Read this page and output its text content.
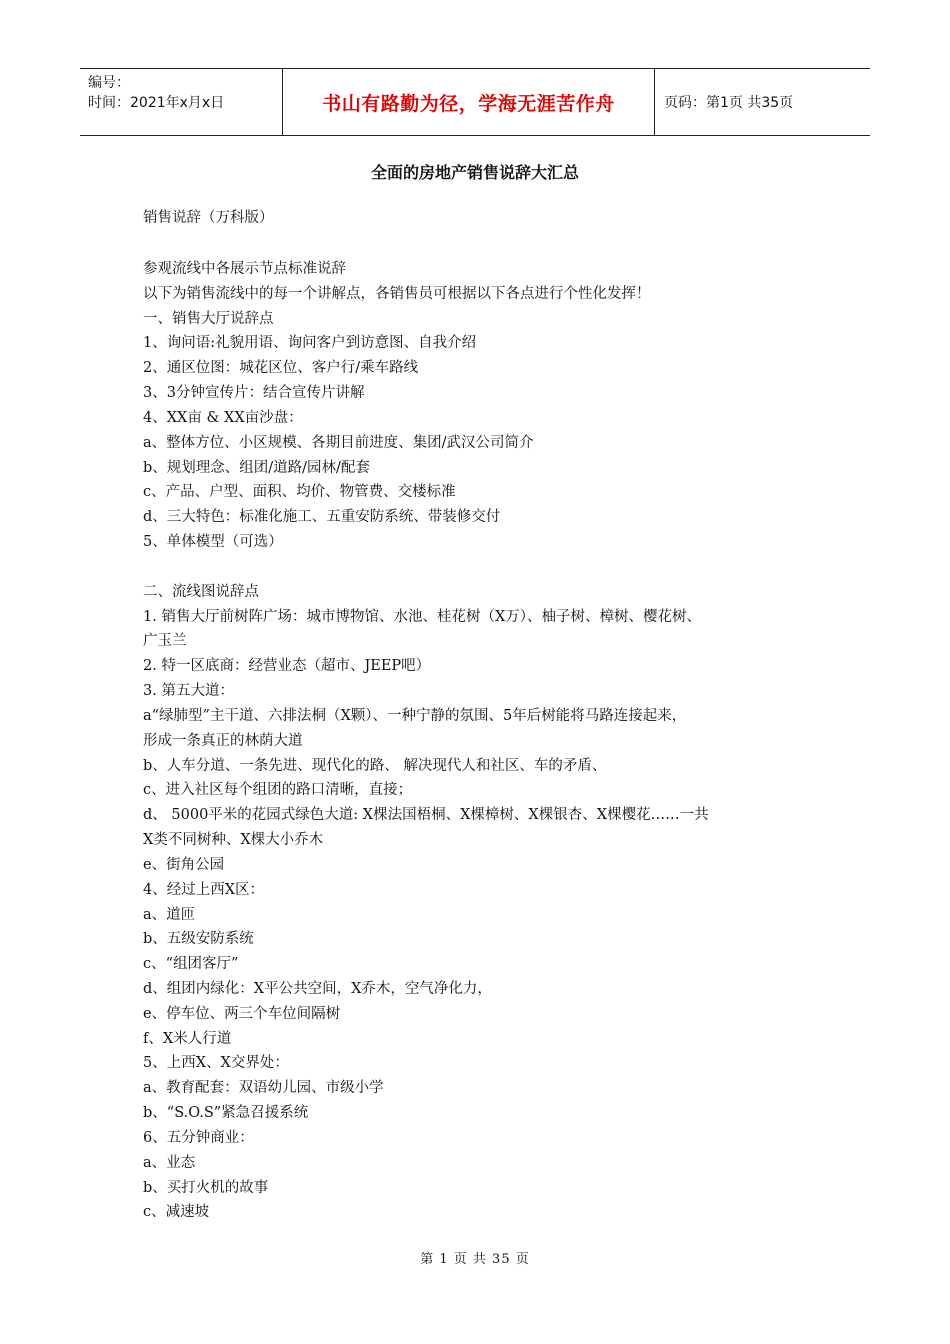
编号：
时间：2021年x月x日	书山有路勤为径，学海无涯苦作舟	页码：第1页 共35页
全面的房地产销售说辞大汇总
销售说辞（万科版）
参观流线中各展示节点标准说辞
以下为销售流线中的每一个讲解点，各销售员可根据以下各点进行个性化发挥！
一、销售大厅说辞点
1、询问语:礼貌用语、询问客户到访意图、自我介绍
2、通区位图：城花区位、客户行/乘车路线
3、3分钟宣传片：结合宣传片讲解
4、XX亩 & XX亩沙盘：
a、整体方位、小区规模、各期目前进度、集团/武汉公司简介
b、规划理念、组团/道路/园林/配套
c、产品、户型、面积、均价、物管费、交楼标准
d、三大特色：标准化施工、五重安防系统、带装修交付
5、单体模型（可选）
二、流线图说辞点
1. 销售大厅前树阵广场：城市博物馆、水池、桂花树（X万）、柚子树、樟树、樱花树、
广玉兰
2. 特一区底商：经营业态（超市、JEEP吧）
3. 第五大道：
a“绿肺型”主干道、六排法桐（X颗）、一种宁静的氛围、5年后树能将马路连接起来，
形成一条真正的林荫大道
b、人车分道、一条先进、现代化的路、 解决现代人和社区、车的矛盾、
c、进入社区每个组团的路口清晰，直接；
d、 5000平米的花园式绿色大道: X棵法国梧桐、X棵樟树、X棵银杏、X棵樱花……一共
X类不同树种、X棵大小乔木
e、街角公园
4、经过上西X区：
a、道匝
b、五级安防系统
c、“组团客厅”
d、组团内绿化：X平公共空间，X乔木，空气净化力，
e、停车位、两三个车位间隔树
f、X米人行道
5、上西X、X交界处：
a、教育配套：双语幼儿园、市级小学
b、“S.O.S”紧急召援系统
6、五分钟商业：
a、业态
b、买打火机的故事
c、减速坡
第 1 页 共 35 页
